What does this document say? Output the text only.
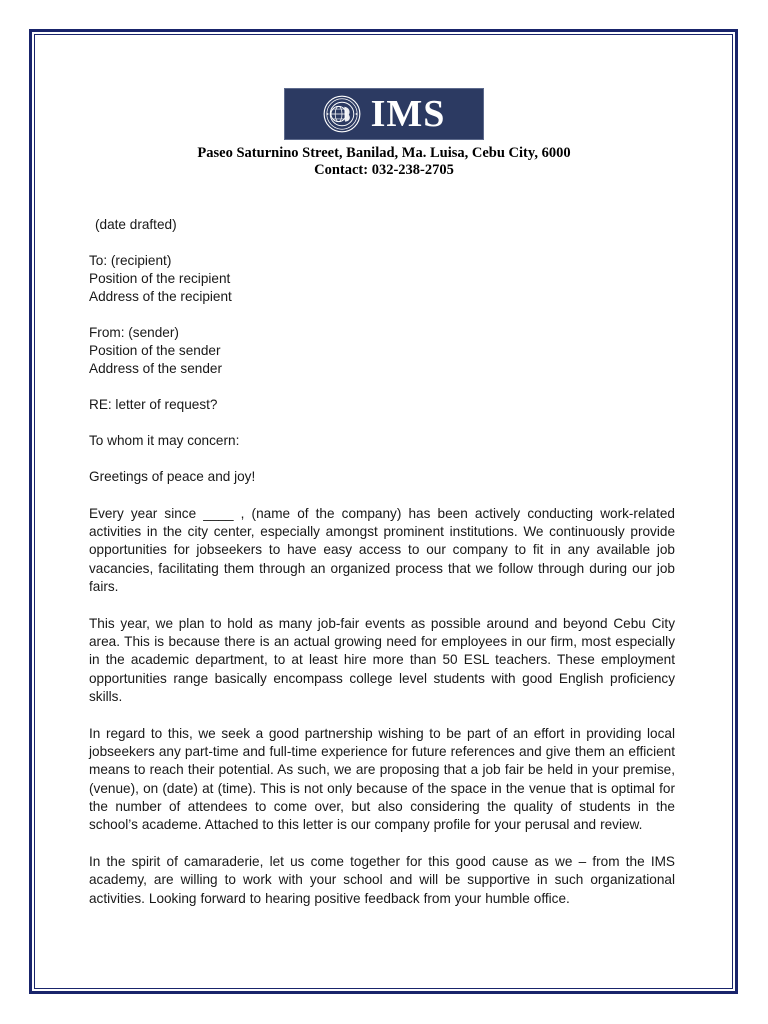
IMS
Paseo Saturnino Street, Banilad, Ma. Luisa, Cebu City, 6000
Contact: 032-238-2705
(date drafted)
To: (recipient)
Position of the recipient
Address of the recipient
From: (sender)
Position of the sender
Address of the sender
RE: letter of request?
To whom it may concern:
Greetings of peace and joy!

Every year since ____ , (name of the company) has been actively conducting work-related activities in the city center, especially amongst prominent institutions. We continuously provide opportunities for jobseekers to have easy access to our company to fit in any available job vacancies, facilitating them through an organized process that we follow through during our job fairs.

This year, we plan to hold as many job-fair events as possible around and beyond Cebu City area. This is because there is an actual growing need for employees in our firm, most especially in the academic department, to at least hire more than 50 ESL teachers. These employment opportunities range basically encompass college level students with good English proficiency skills.

In regard to this, we seek a good partnership wishing to be part of an effort in providing local jobseekers any part-time and full-time experience for future references and give them an efficient means to reach their potential. As such, we are proposing that a job fair be held in your premise, (venue), on (date) at (time). This is not only because of the space in the venue that is optimal for the number of attendees to come over, but also considering the quality of students in the school’s academe. Attached to this letter is our company profile for your perusal and review.

In the spirit of camaraderie, let us come together for this good cause as we – from the IMS academy, are willing to work with your school and will be supportive in such organizational activities. Looking forward to hearing positive feedback from your humble office.
